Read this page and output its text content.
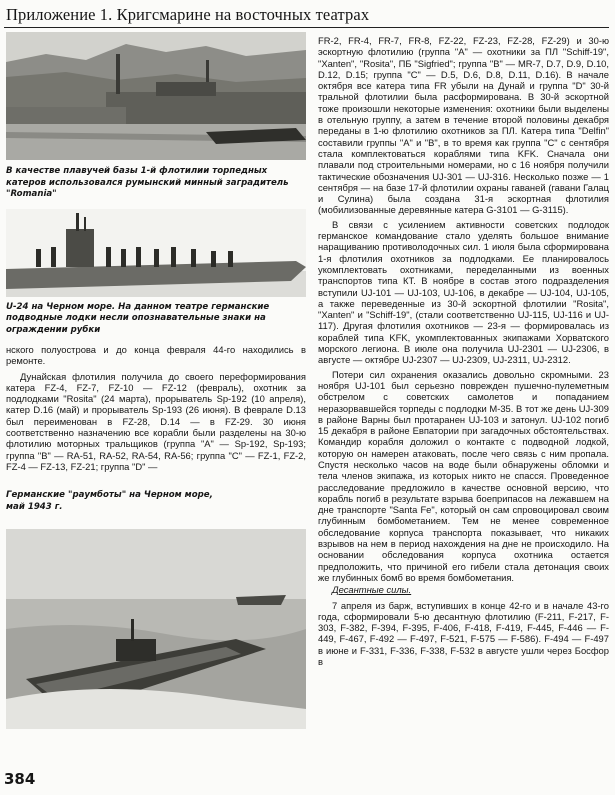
Приложение 1. Кригсмарине на восточных театрах

В качестве плавучей базы 1-й флотилии торпедных

катеров использовался румынский минный заградитель "Romania"

U-24 на Черном море. На данном театре германские

подводные лодки несли опознавательные знаки на

ограждении рубки

нского полуострова и до конца февраля 44-го находились в ремонте.

Дунайская флотилия получила до своего переформирования катера FZ-4, FZ-7, FZ-10 — FZ-12 (февраль), охотник за подлодками "Rosita" (24 марта), прорыватель Sp-192 (10 апреля), катер D.16 (май) и прорыватель Sp-193 (26 июня). В феврале D.13 был переименован в FZ-28, D.14 — в FZ-29. 30 июня соответственно назначению все корабли были разделены на 30-ю флотилию моторных тральщиков (группа "А" — Sp-192, Sp-193; группа "В" — RA-51, RA-52, RA-54, RA-56; группа "С" — FZ-1, FZ-2, FZ-4 — FZ-13, FZ-21; группа "D" —

Германские "раумботы" на Черном море,

май 1943 г.

FR-2, FR-4, FR-7, FR-8, FZ-22, FZ-23, FZ-28, FZ-29) и 30-ю эскортную флотилию (группа "А" — охотники за ПЛ "Schiff-19", "Xanten", "Rosita", ПБ "Sigfried"; группа "В" — MR-7, D.7, D.9, D.10, D.12, D.15; группа "С" — D.5, D.6, D.8, D.11, D.16). В начале октября все катера типа FR убыли на Дунай и группа "D" 30-й тральной флотилии была расформирована. В 30-й эскортной тоже произошли некоторые изменения: охотники были выделены в отельную группу, а затем в течение второй половины декабря переданы в 1-ю флотилию охотников за ПЛ. Катера типа "Delfin" составили группы "А" и "В", в то время как группа "С" с сентября стала комплектоваться кораблями типа KFK. Сначала они плавали под строительными номерами, но с 16 ноября получили тактические обозначения UJ-301 — UJ-316. Несколько позже — 1 сентября — на базе 17-й флотилии охраны гаваней (гавани Галац и Сулина) была создана 31-я эскортная флотилия (мобилизованные деревянные катера G-3101 — G-3115).

В связи с усилением активности советских подлодок германское командование стало уделять большое внимание наращиванию противолодочных сил. 1 июля была сформирована 1-я флотилия охотников за подлодками. Ее планировалось укомплектовать охотниками, переделанными из военных транспортов типа КТ. В ноябре в состав этого подразделения вступили UJ-101 — UJ-103, UJ-106, в декабре — UJ-104, UJ-105, а также переведенные из 30-й эскортной флотилии "Rosita", "Xanten" и "Schiff-19", (стали соответственно UJ-115, UJ-116 и UJ-117). Другая флотилия охотников — 23-я — формировалась из кораблей типа KFK, укомплектованных экипажами Хорватского морского легиона. В июле она получила UJ-2301 — UJ-2306, в августе — октябре UJ-2307 — UJ-2309, UJ-2311, UJ-2312.

Потери сил охранения оказались довольно скромными. 23 ноября UJ-101 был серьезно поврежден пушечно-пулеметным обстрелом с советских самолетов и попаданием неразорвавшейся торпеды с подлодки М-35. В тот же день UJ-309 в районе Варны был протаранен UJ-103 и затонул. UJ-102 погиб 15 декабря в районе Евпатории при загадочных обстоятельствах. Командир корабля доложил о контакте с подводной лодкой, которую он намерен атаковать, после чего связь с ним пропала. Спустя несколько часов на воде были обнаружены обломки и тела членов экипажа, из которых никто не спасся. Проведенное расследование предложило в качестве основной версию, что корабль погиб в результате взрыва боеприпасов на лежавшем на дне транспорте "Santa Fe", который он сам спровоцировал своим глубинным бомбометанием. Тем не менее современное обследование корпуса транспорта показывает, что никаких взрывов на нем в период нахождения на дне не происходило. На основании обследования корпуса охотника остается предположить, что причиной его гибели стала детонация своих же глубинных бомб во время бомбометания.

Десантные силы.

7 апреля из барж, вступивших в конце 42-го и в начале 43-го года, сформировали 5-ю десантную флотилию (F-211, F-217, F-303, F-382, F-394, F-395, F-406, F-418, F-419, F-445, F-446 — F-449, F-467, F-492 — F-497, F-521, F-575 — F-586). F-494 — F-497 в июне и F-331, F-336, F-338, F-532 в августе ушли через Босфор в

384
